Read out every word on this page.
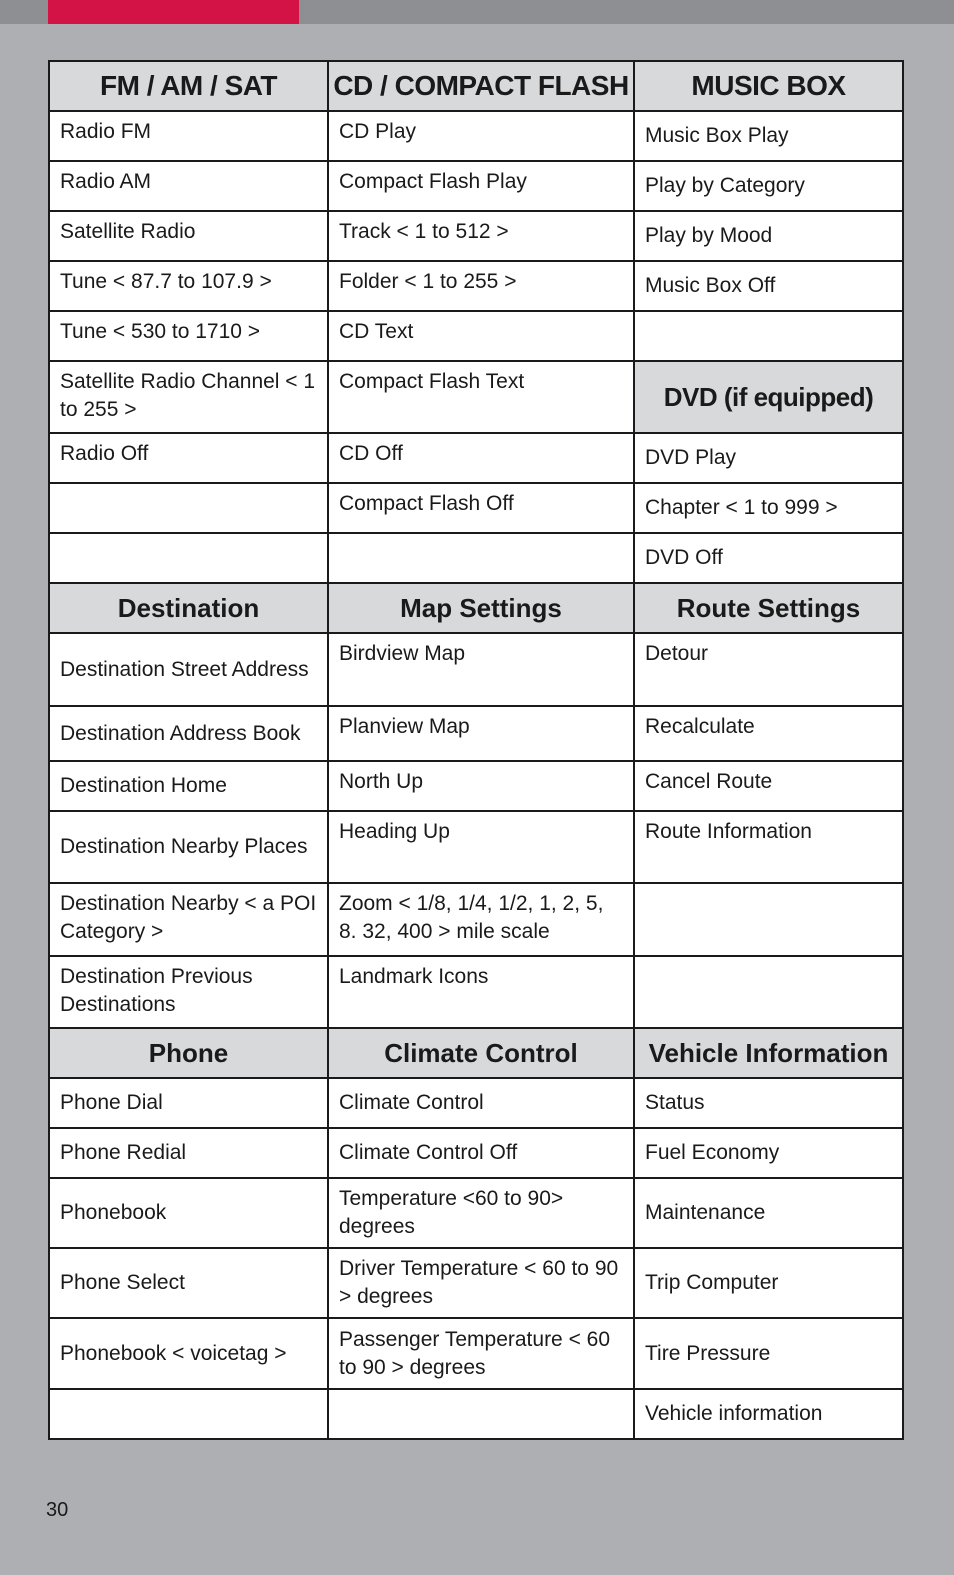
FM / AM / SAT	CD / COMPACT FLASH	MUSIC BOX
Radio FM	CD Play	Music Box Play
Radio AM	Compact Flash Play	Play by Category
Satellite Radio	Track < 1 to 512 >	Play by Mood
Tune < 87.7 to 107.9 >	Folder < 1 to 255 >	Music Box Off
Tune < 530 to 1710 >	CD Text	
Satellite Radio Channel < 1 to 255 >	Compact Flash Text	DVD (if equipped)
Radio Off	CD Off	DVD Play
	Compact Flash Off	Chapter < 1 to 999 >
		DVD Off
Destination	Map Settings	Route Settings
Destination Street Address	Birdview Map	Detour
Destination Address Book	Planview Map	Recalculate
Destination Home	North Up	Cancel Route
Destination Nearby Places	Heading Up	Route Information
Destination Nearby < a POI Category >	Zoom < 1/8, 1/4, 1/2, 1, 2, 5, 8. 32, 400 > mile scale	
Destination Previous Destinations	Landmark Icons	
Phone	Climate Control	Vehicle Information
Phone Dial	Climate Control	Status
Phone Redial	Climate Control Off	Fuel Economy
Phonebook	Temperature <60 to 90> degrees	Maintenance
Phone Select	Driver Temperature < 60 to 90 > degrees	Trip Computer
Phonebook < voicetag >	Passenger Temperature < 60 to 90 > degrees	Tire Pressure
		Vehicle information
30
